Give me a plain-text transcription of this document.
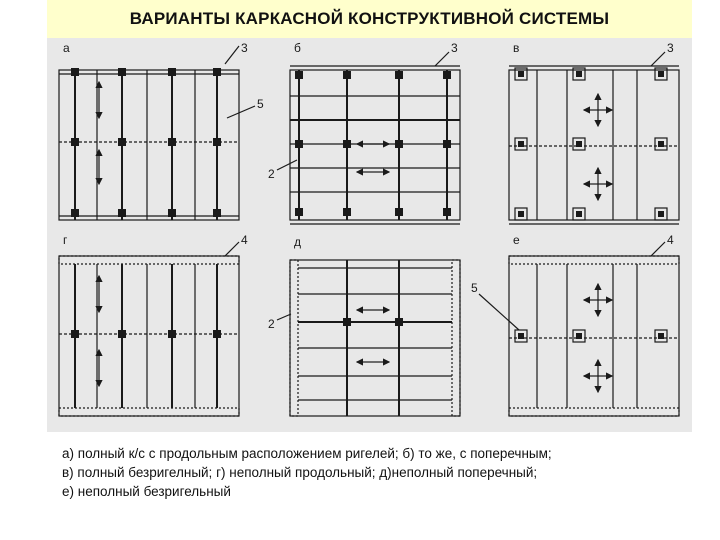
ВАРИАНТЫ КАРКАСНОЙ КОНСТРУКТИВНОЙ СИСТЕМЫ
а	3
5
б	3
2
в	3
г	4	д
2
5
е	4
а) полный к/с с продольным расположением ригелей; б) то же, с поперечным;
в) полный безригелный; г) неполный продольный; д)неполный поперечный;
е) неполный безригельный
